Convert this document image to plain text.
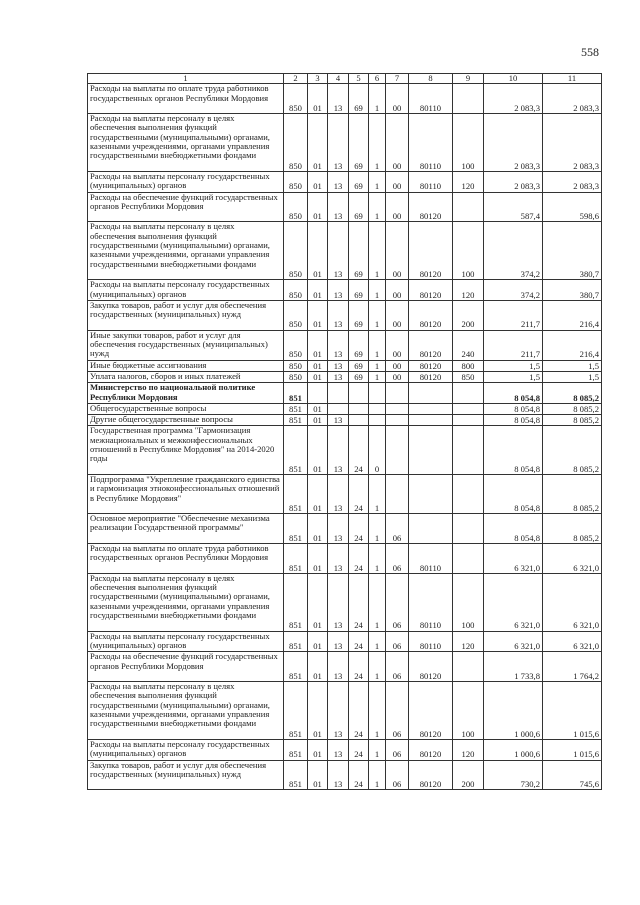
558
1	2	3	4	5	6	7	8	9	10	11
Расходы на выплаты по оплате труда работников государственных органов Республики Мордовия	850	01	13	69	1	00	80110		2 083,3	2 083,3
Расходы на выплаты персоналу в целях обеспечения выполнения функций государственными (муниципальными) органами, казенными учреждениями, органами управления государственными внебюджетными фондами	850	01	13	69	1	00	80110	100	2 083,3	2 083,3
Расходы на выплаты персоналу государственных (муниципальных) органов	850	01	13	69	1	00	80110	120	2 083,3	2 083,3
Расходы на обеспечение функций государственных органов Республики Мордовия	850	01	13	69	1	00	80120		587,4	598,6
Расходы на выплаты персоналу в целях обеспечения выполнения функций государственными (муниципальными) органами, казенными учреждениями, органами управления государственными внебюджетными фондами	850	01	13	69	1	00	80120	100	374,2	380,7
Расходы на выплаты персоналу государственных (муниципальных) органов	850	01	13	69	1	00	80120	120	374,2	380,7
Закупка товаров, работ и услуг для обеспечения государственных (муниципальных) нужд	850	01	13	69	1	00	80120	200	211,7	216,4
Иные закупки товаров, работ и услуг для обеспечения государственных (муниципальных) нужд	850	01	13	69	1	00	80120	240	211,7	216,4
Иные бюджетные ассигнования	850	01	13	69	1	00	80120	800	1,5	1,5
Уплата налогов, сборов и иных платежей	850	01	13	69	1	00	80120	850	1,5	1,5
Министерство по национальной политике Республики Мордовия	851								8 054,8	8 085,2
Общегосударственные вопросы	851	01							8 054,8	8 085,2
Другие общегосударственные вопросы	851	01	13						8 054,8	8 085,2
Государственная программа "Гармонизация межнациональных и межконфессиональных отношений в Республике Мордовия" на 2014-2020 годы	851	01	13	24	0				8 054,8	8 085,2
Подпрограмма "Укрепление гражданского единства и гармонизация этноконфессиональных отношений в Республике Мордовия"	851	01	13	24	1				8 054,8	8 085,2
Основное мероприятие "Обеспечение механизма реализации Государственной программы"	851	01	13	24	1	06			8 054,8	8 085,2
Расходы на выплаты по оплате труда работников государственных органов Республики Мордовия	851	01	13	24	1	06	80110		6 321,0	6 321,0
Расходы на выплаты персоналу в целях обеспечения выполнения функций государственными (муниципальными) органами, казенными учреждениями, органами управления государственными внебюджетными фондами	851	01	13	24	1	06	80110	100	6 321,0	6 321,0
Расходы на выплаты персоналу государственных (муниципальных) органов	851	01	13	24	1	06	80110	120	6 321,0	6 321,0
Расходы на обеспечение функций государственных органов Республики Мордовия	851	01	13	24	1	06	80120		1 733,8	1 764,2
Расходы на выплаты персоналу в целях обеспечения выполнения функций государственными (муниципальными) органами, казенными учреждениями, органами управления государственными внебюджетными фондами	851	01	13	24	1	06	80120	100	1 000,6	1 015,6
Расходы на выплаты персоналу государственных (муниципальных) органов	851	01	13	24	1	06	80120	120	1 000,6	1 015,6
Закупка товаров, работ и услуг для обеспечения государственных (муниципальных) нужд	851	01	13	24	1	06	80120	200	730,2	745,6
